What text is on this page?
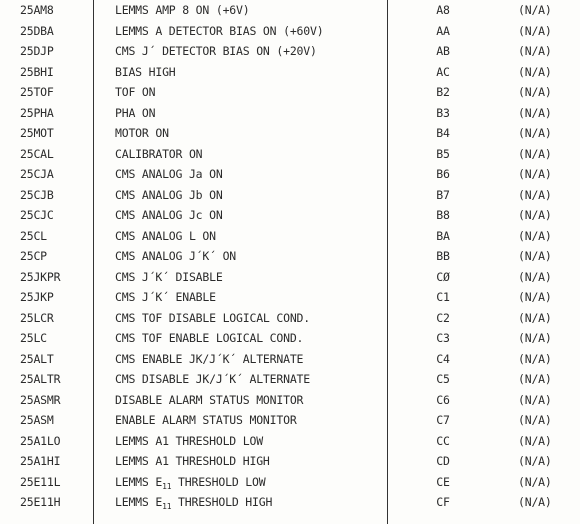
25AM8	LEMMS AMP 8 ON (+6V)	A8	(N/A)
25DBA	LEMMS A DETECTOR BIAS ON (+60V)	AA	(N/A)
25DJP	CMS J´ DETECTOR BIAS ON (+20V)	AB	(N/A)
25BHI	BIAS HIGH	AC	(N/A)
25TOF	TOF ON	B2	(N/A)
25PHA	PHA ON	B3	(N/A)
25MOT	MOTOR ON	B4	(N/A)
25CAL	CALIBRATOR ON	B5	(N/A)
25CJA	CMS ANALOG Ja ON	B6	(N/A)
25CJB	CMS ANALOG Jb ON	B7	(N/A)
25CJC	CMS ANALOG Jc ON	B8	(N/A)
25CL	CMS ANALOG L ON	BA	(N/A)
25CP	CMS ANALOG J´K´ ON	BB	(N/A)
25JKPR	CMS J´K´ DISABLE	CØ	(N/A)
25JKP	CMS J´K´ ENABLE	C1	(N/A)
25LCR	CMS TOF DISABLE LOGICAL COND.	C2	(N/A)
25LC	CMS TOF ENABLE LOGICAL COND.	C3	(N/A)
25ALT	CMS ENABLE JK/J´K´ ALTERNATE	C4	(N/A)
25ALTR	CMS DISABLE JK/J´K´ ALTERNATE	C5	(N/A)
25ASMR	DISABLE ALARM STATUS MONITOR	C6	(N/A)
25ASM	ENABLE ALARM STATUS MONITOR	C7	(N/A)
25A1LO	LEMMS A1 THRESHOLD LOW	CC	(N/A)
25A1HI	LEMMS A1 THRESHOLD HIGH	CD	(N/A)
25E11L	LEMMS $E_{11}$ THRESHOLD LOW	CE	(N/A)
25E11H	LEMMS $E_{11}$ THRESHOLD HIGH	CF	(N/A)
